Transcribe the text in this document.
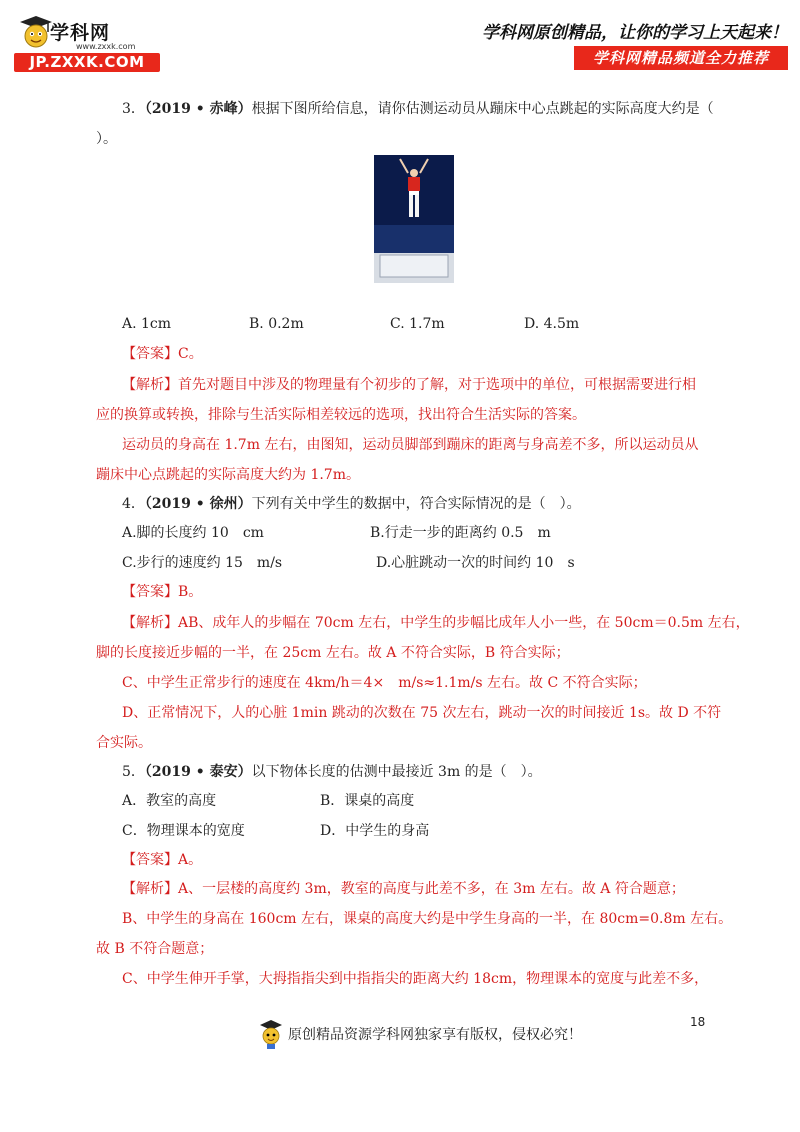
学科网
www.zxxk.com
JP.ZXXK.COM
学科网原创精品，让你的学习上天起来！
学科网精品频道全力推荐
3．（2019 • 赤峰）根据下图所给信息，请你估测运动员从蹦床中心点跳起的实际高度大约是（
）。
A. 1cm	B. 0.2m	C. 1.7m	D. 4.5m
【答案】C。
【解析】首先对题目中涉及的物理量有个初步的了解，对于选项中的单位，可根据需要进行相
应的换算或转换，排除与生活实际相差较远的选项，找出符合生活实际的答案。
运动员的身高在 1.7m 左右，由图知，运动员脚部到蹦床的距离与身高差不多，所以运动员从
蹦床中心点跳起的实际高度大约为 1.7m。
4．（2019 • 徐州）下列有关中学生的数据中，符合实际情况的是（　）。
A.脚的长度约 10　cm	B.行走一步的距离约 0.5　m
C.步行的速度约 15　m/s	D.心脏跳动一次的时间约 10　s
【答案】B。
【解析】AB、成年人的步幅在 70cm 左右，中学生的步幅比成年人小一些，在 50cm＝0.5m 左右，
脚的长度接近步幅的一半，在 25cm 左右。故 A 不符合实际，B 符合实际；
C、中学生正常步行的速度在 4km/h＝4×　m/s≈1.1m/s 左右。故 C 不符合实际；
D、正常情况下，人的心脏 1min 跳动的次数在 75 次左右，跳动一次的时间接近 1s。故 D 不符
合实际。
5．（2019 • 泰安）以下物体长度的估测中最接近 3m 的是（　）。
A．教室的高度	B．课桌的高度
C．物理课本的宽度	D．中学生的身高
【答案】A。
【解析】A、一层楼的高度约 3m，教室的高度与此差不多，在 3m 左右。故 A 符合题意；
B、中学生的身高在 160cm 左右，课桌的高度大约是中学生身高的一半，在 80cm=0.8m 左右。
故 B 不符合题意；
C、中学生伸开手掌，大拇指指尖到中指指尖的距离大约 18cm，物理课本的宽度与此差不多，
18
原创精品资源学科网独家享有版权，侵权必究！
